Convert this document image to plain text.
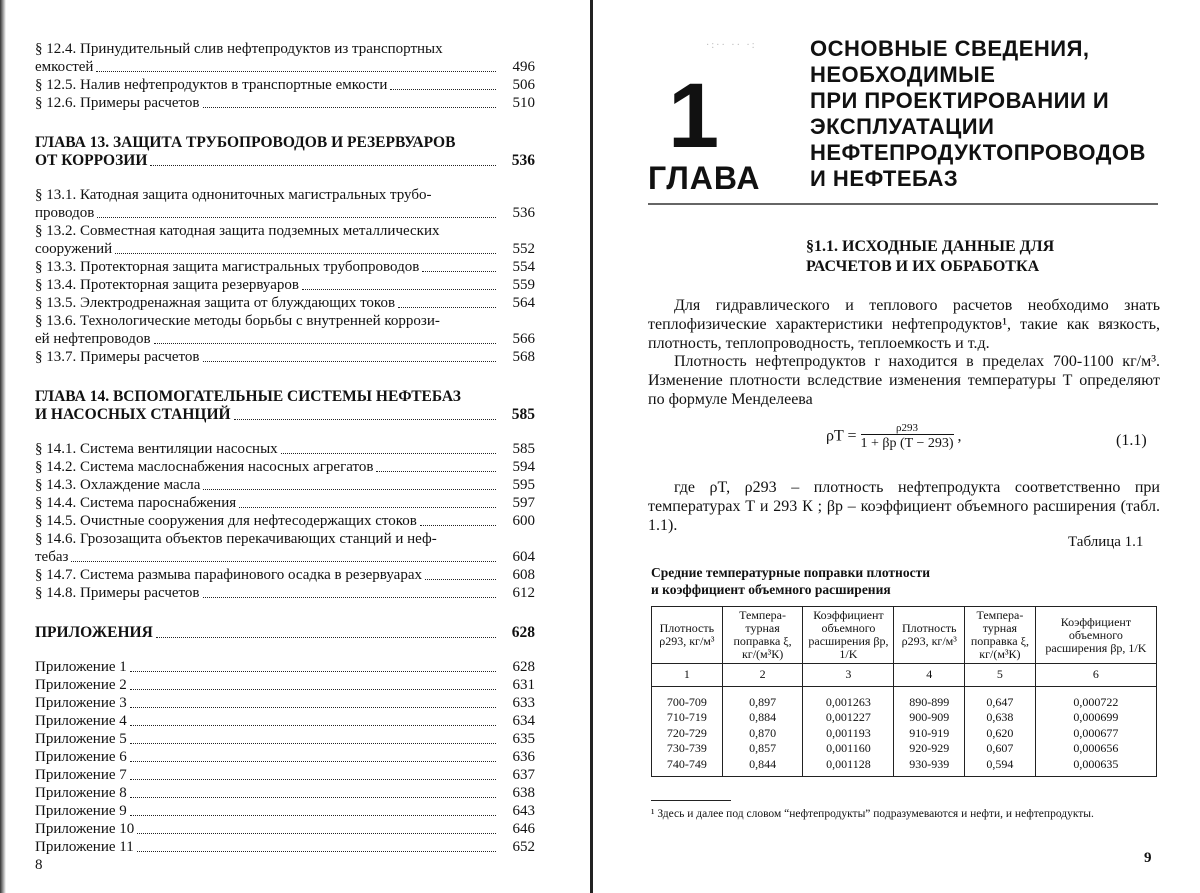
§ 12.4. Принудительный слив нефтепродуктов из транспортных
емкостей	496
§ 12.5. Налив нефтепродуктов в транспортные емкости	506
§ 12.6. Примеры расчетов	510
ГЛАВА 13. ЗАЩИТА ТРУБОПРОВОДОВ И РЕЗЕРВУАРОВ
ОТ КОРРОЗИИ	536
§ 13.1. Катодная защита однониточных магистральных трубо-
проводов	536
§ 13.2. Совместная катодная защита подземных металлических
сооружений	552
§ 13.3. Протекторная защита магистральных трубопроводов	554
§ 13.4. Протекторная защита резервуаров	559
§ 13.5. Электродренажная защита от блуждающих токов	564
§ 13.6. Технологические методы борьбы с внутренней коррози-
ей нефтепроводов	566
§ 13.7. Примеры расчетов	568
ГЛАВА 14. ВСПОМОГАТЕЛЬНЫЕ СИСТЕМЫ НЕФТЕБАЗ
И НАСОСНЫХ СТАНЦИЙ	585
§ 14.1. Система вентиляции насосных	585
§ 14.2. Система маслоснабжения насосных агрегатов	594
§ 14.3. Охлаждение масла	595
§ 14.4. Система пароснабжения	597
§ 14.5. Очистные сооружения для нефтесодержащих стоков	600
§ 14.6. Грозозащита объектов перекачивающих станций и неф-
тебаз	604
§ 14.7. Система размыва парафинового осадка в резервуарах	608
§ 14.8. Примеры расчетов	612
ПРИЛОЖЕНИЯ	628
Приложение 1	628
Приложение 2	631
Приложение 3	633
Приложение 4	634
Приложение 5	635
Приложение 6	636
Приложение 7	637
Приложение 8	638
Приложение 9	643
Приложение 10	646
Приложение 11	652
8
·:·· ·· ·:
1
ГЛАВА
ОСНОВНЫЕ СВЕДЕНИЯ,
НЕОБХОДИМЫЕ
ПРИ ПРОЕКТИРОВАНИИ И
ЭКСПЛУАТАЦИИ
НЕФТЕПРОДУКТОПРОВОДОВ
И НЕФТЕБАЗ
§1.1. ИСХОДНЫЕ ДАННЫЕ ДЛЯ
РАСЧЕТОВ И ИХ ОБРАБОТКА
Для гидравлического и теплового расчетов необходимо знать теплофизические характеристики нефтепродуктов¹, такие как вязкость, плотность, теплопроводность, теплоемкость и т.д.
Плотность нефтепродуктов r находится в пределах 700-1100 кг/м³. Изменение плотности вследствие изменения температуры Т определяют по формуле Менделеева
$\rho T = \frac{\rho 293}{1 + \beta p (T - 293)}$ ,	(1.1)
где ρT, ρ293 – плотность нефтепродукта соответственно при температурах Т и 293 К ; βp – коэффициент объемного расширения (табл. 1.1).
Таблица 1.1
Средние температурные поправки плотности
и коэффициент объемного расширения
Плотность ρ293, кг/м³	Темпера-турная поправка ξ, кг/(м³К)	Коэффициент объемного расширения βp, 1/K	Плотность ρ293, кг/м³	Темпера-турная поправка ξ, кг/(м³К)	Коэффициент объемного расширения βp, 1/K
1	2	3	4	5	6
700-709	0,897	0,001263	890-899	0,647	0,000722
710-719	0,884	0,001227	900-909	0,638	0,000699
720-729	0,870	0,001193	910-919	0,620	0,000677
730-739	0,857	0,001160	920-929	0,607	0,000656
740-749	0,844	0,001128	930-939	0,594	0,000635
¹ Здесь и далее под словом “нефтепродукты” подразумеваются и нефти, и нефтепродукты.
9
